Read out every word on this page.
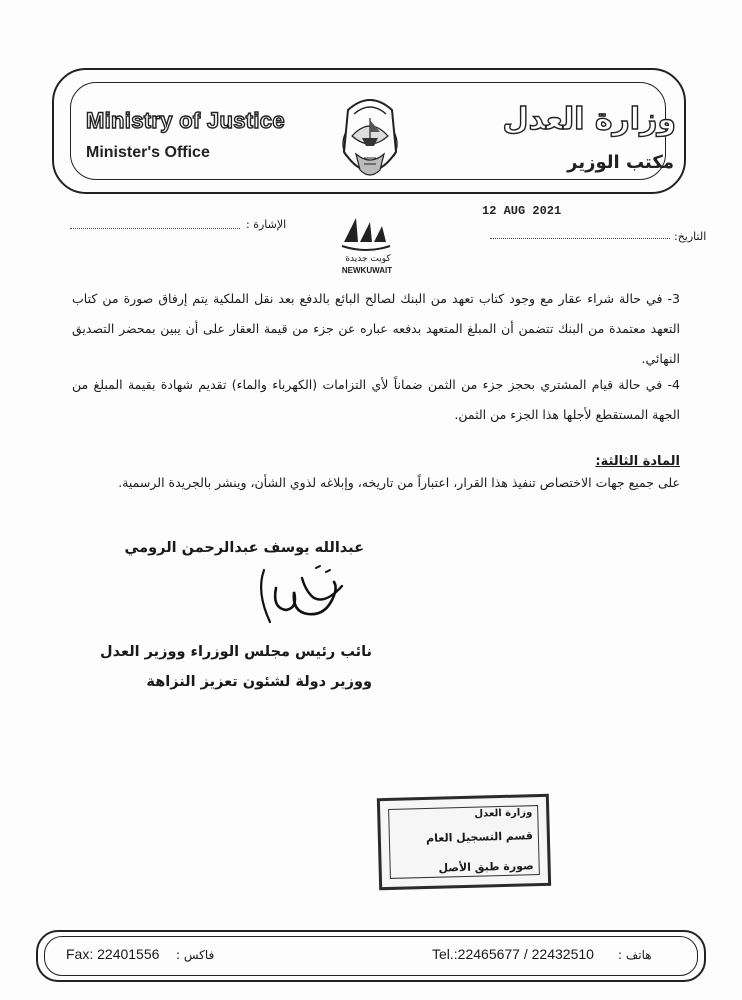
Ministry of Justice
Minister's Office
وزارة العدل
مكتب الوزير
الإشارة :
التاريخ:
12 AUG 2021
كويت جديدة
NEWKUWAIT
3- في حالة شراء عقار مع وجود كتاب تعهد من البنك لصالح البائع بالدفع بعد نقل الملكية يتم إرفاق صورة من كتاب التعهد معتمدة من البنك تتضمن أن المبلغ المتعهد بدفعه عباره عن جزء من قيمة العقار على أن يبين بمحضر التصديق النهائي.
4- في حالة قيام المشتري بحجز جزء من الثمن ضماناً لأي التزامات (الكهرباء والماء) تقديم شهادة بقيمة المبلغ من الجهة المستقطع لأجلها هذا الجزء من الثمن.
المادة الثالثة:
على جميع جهات الاختصاص تنفيذ هذا القرار، اعتباراً من تاريخه، وإبلاغه لذوي الشأن، وينشر بالجريدة الرسمية.
عبدالله يوسف عبدالرحمن الرومي
نائب رئيس مجلس الوزراء ووزير العدل
ووزير دولة لشئون تعزيز النزاهة
وزارة العدل
قسم التسجيل العام
صورة طبق الأصل
Fax: 22401556 فاكس :	Tel.:22465677 / 22432510 هاتف :
